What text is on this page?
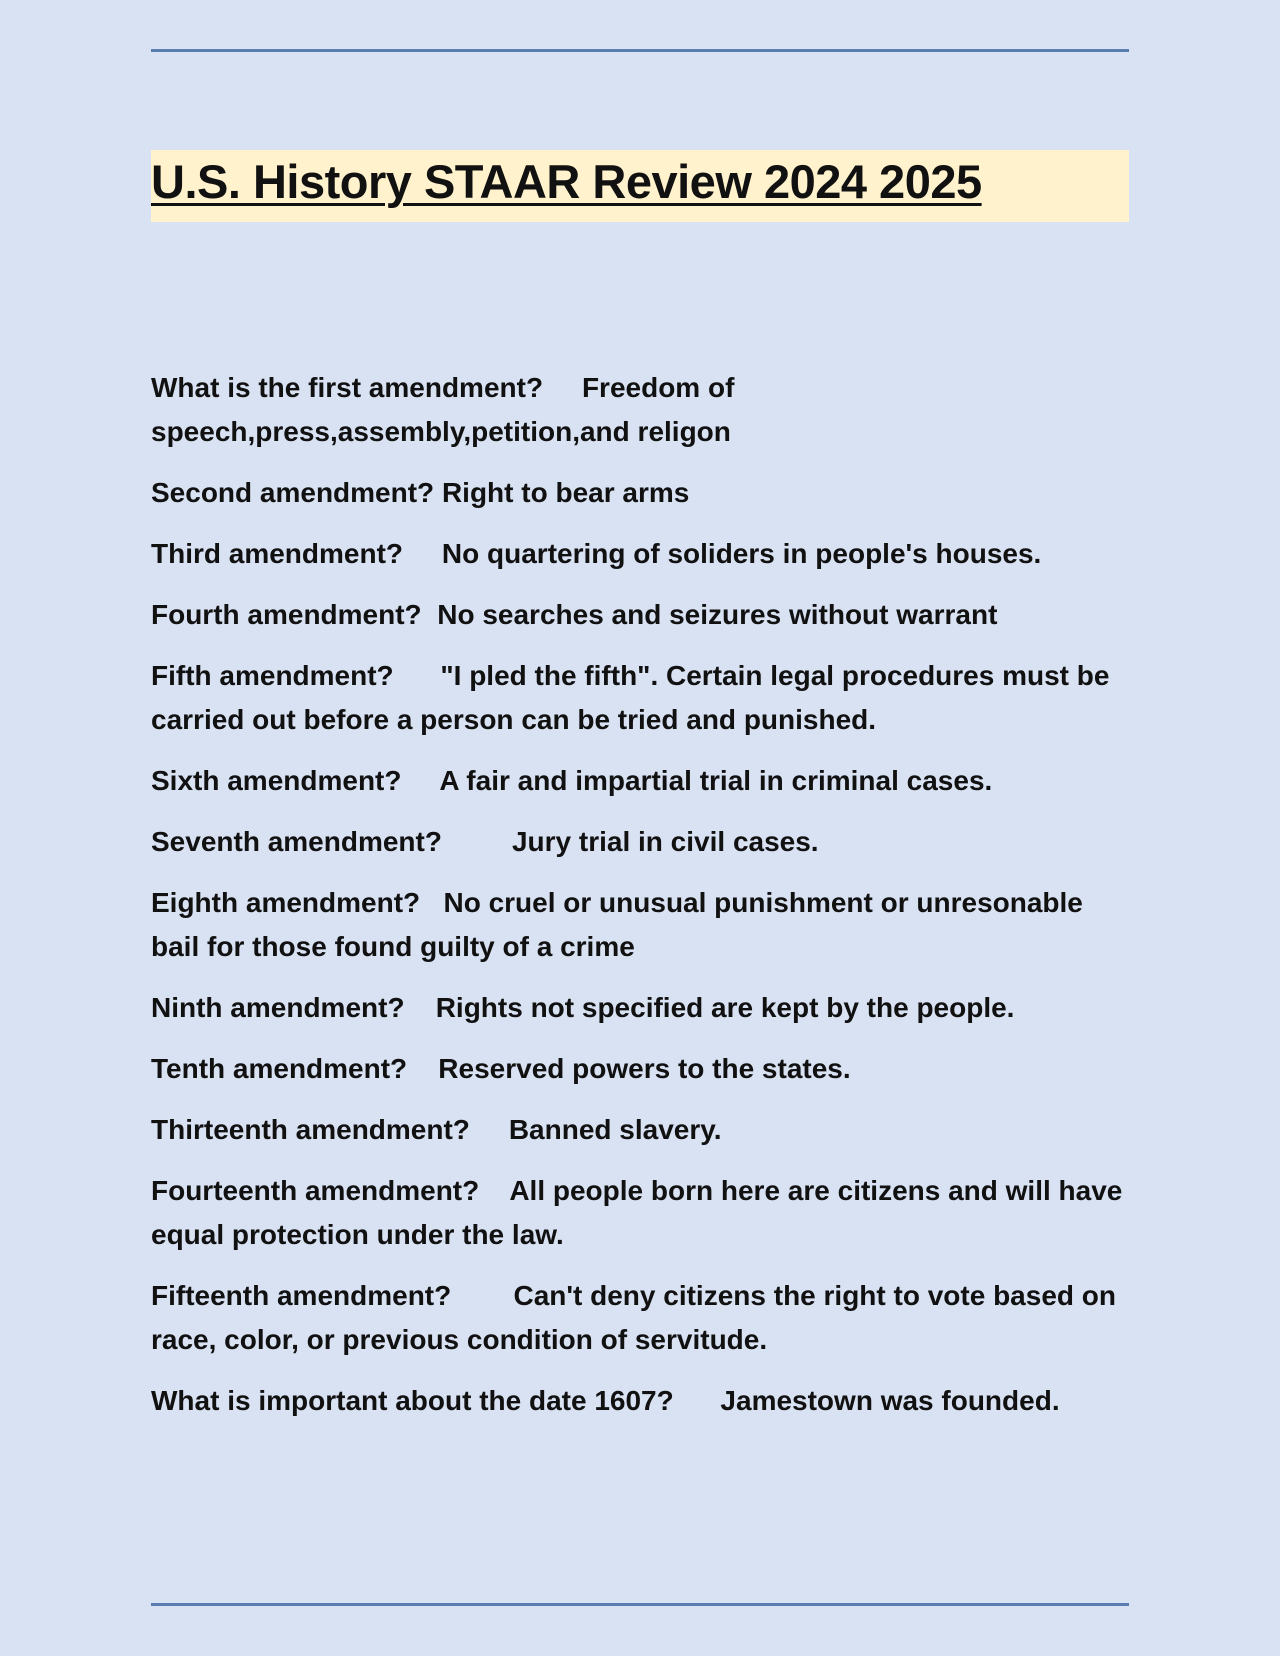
U.S. History STAAR Review 2024 2025
What is the first amendment? Freedom of
speech,press,assembly,petition,and religon
Second amendment? Right to bear arms
Third amendment? No quartering of soliders in people's houses.
Fourth amendment? No searches and seizures without warrant
Fifth amendment? "I pled the fifth". Certain legal procedures must be carried out before a person can be tried and punished.
Sixth amendment? A fair and impartial trial in criminal cases.
Seventh amendment?	Jury trial in civil cases.
Eighth amendment? No cruel or unusual punishment or unresonable bail for those found guilty of a crime
Ninth amendment? Rights not specified are kept by the people.
Tenth amendment? Reserved powers to the states.
Thirteenth amendment? Banned slavery.
Fourteenth amendment? All people born here are citizens and will have equal protection under the law.
Fifteenth amendment? Can't deny citizens the right to vote based on race, color, or previous condition of servitude.
What is important about the date 1607? Jamestown was founded.
